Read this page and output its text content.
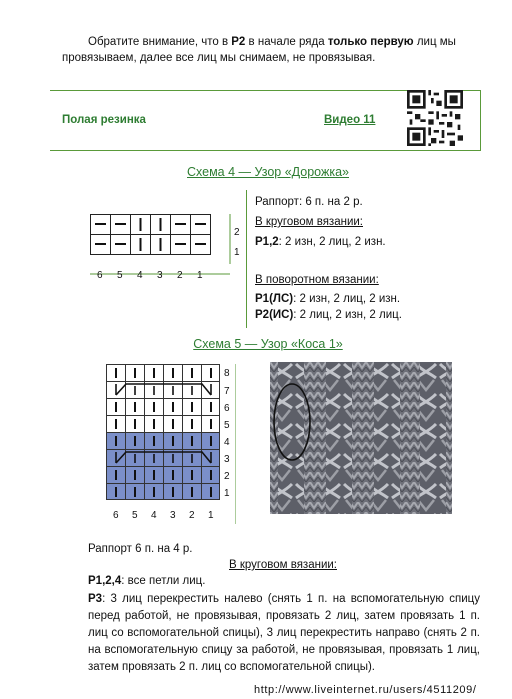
Обратите внимание, что в Р2 в начале ряда только первую лиц мы
провязываем, далее все лиц мы снимаем, не провязывая.
Полая резинка	Видео 11
Схема 4 — Узор «Дорожка»
2
1
6 5 4 3 2 1
Раппорт: 6 п. на 2 р.
В круговом вязании:
Р1,2: 2 изн, 2 лиц, 2 изн.
В поворотном вязании:
Р1(ЛС): 2 изн, 2 лиц, 2 изн.
Р2(ИС): 2 лиц, 2 изн, 2 лиц.
Схема 5 — Узор «Коса 1»
8
7
6
5
4
3
2
1
6 5 4 3 2 1
Раппорт 6 п. на 4 р.
В круговом вязании:
Р1,2,4: все петли лиц.
Р3: 3 лиц перекрестить налево (снять 1 п. на вспомогательную спицу перед работой, не провязывая, провязать 2 лиц, затем провязать 1 п. лиц со вспомогательной спицы), 3 лиц перекрестить направо (снять 2 п. на вспомогательную спицу за работой, не провязывая, провязать 1 лиц, затем провязать 2 п. лиц со вспомогательной спицы).
http://www.liveinternet.ru/users/4511209/
